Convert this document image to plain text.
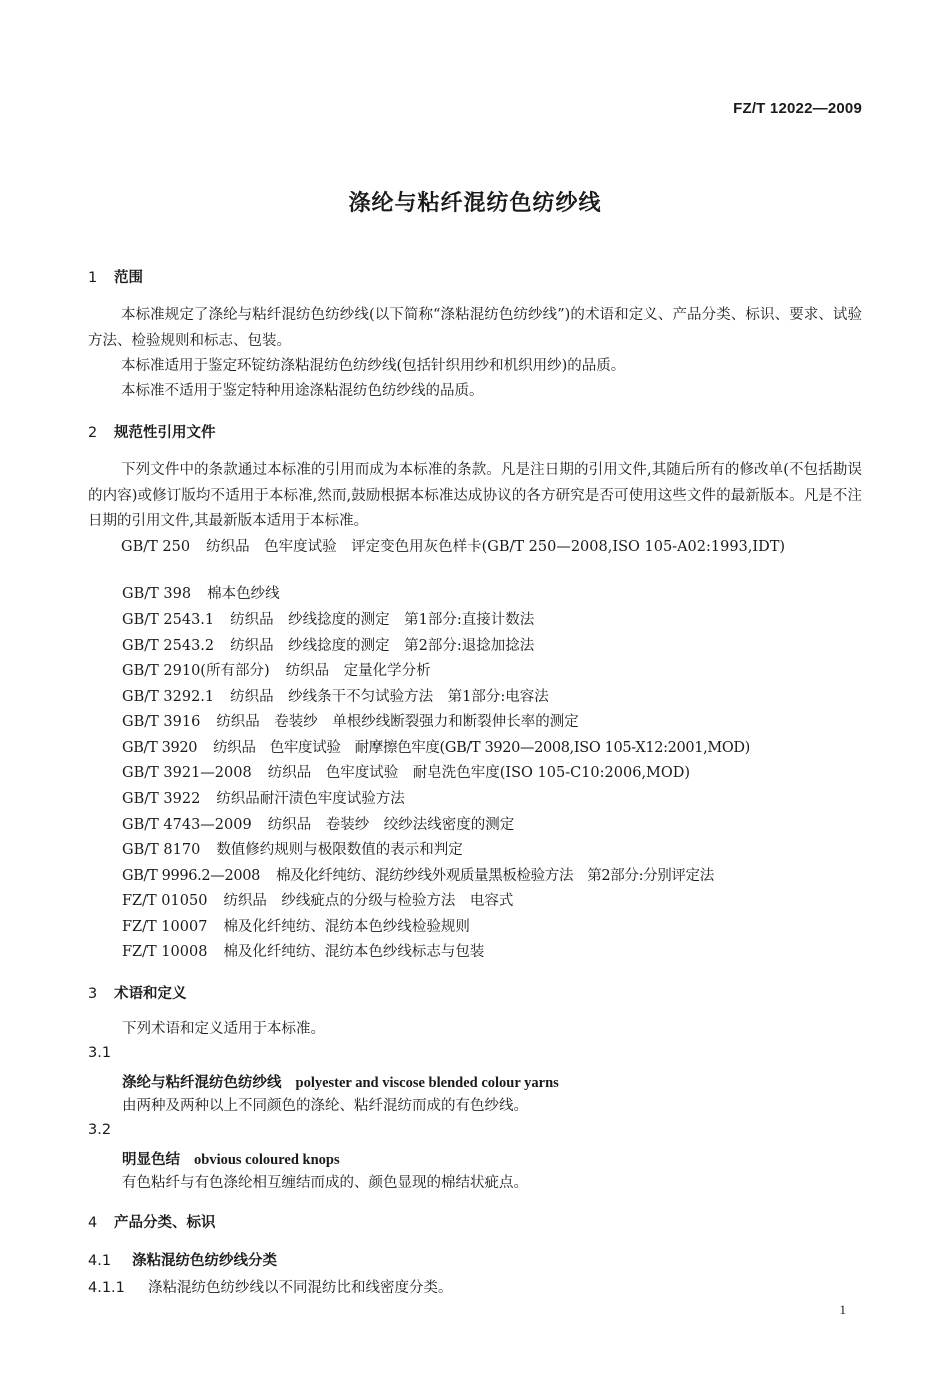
FZ/T 12022—2009
涤纶与粘纤混纺色纺纱线
1 范围

本标准规定了涤纶与粘纤混纺色纺纱线(以下简称“涤粘混纺色纺纱线”)的术语和定义、产品分类、标识、要求、试验方法、检验规则和标志、包装。

本标准适用于鉴定环锭纺涤粘混纺色纺纱线(包括针织用纱和机织用纱)的品质。

本标准不适用于鉴定特种用途涤粘混纺色纺纱线的品质。

2 规范性引用文件

下列文件中的条款通过本标准的引用而成为本标准的条款。凡是注日期的引用文件,其随后所有的修改单(不包括勘误的内容)或修订版均不适用于本标准,然而,鼓励根据本标准达成协议的各方研究是否可使用这些文件的最新版本。凡是不注日期的引用文件,其最新版本适用于本标准。

GB/T 250 纺织品　色牢度试验　评定变色用灰色样卡(GB/T 250—2008,ISO 105-A02:1993,IDT)
GB/T 398 棉本色纱线
GB/T 2543.1 纺织品　纱线捻度的测定　第1部分:直接计数法
GB/T 2543.2 纺织品　纱线捻度的测定　第2部分:退捻加捻法
GB/T 2910(所有部分) 纺织品　定量化学分析
GB/T 3292.1 纺织品　纱线条干不匀试验方法　第1部分:电容法
GB/T 3916 纺织品　卷装纱　单根纱线断裂强力和断裂伸长率的测定
GB/T 3920 纺织品　色牢度试验　耐摩擦色牢度(GB/T 3920—2008,ISO 105-X12:2001,MOD)
GB/T 3921—2008 纺织品　色牢度试验　耐皂洗色牢度(ISO 105-C10:2006,MOD)
GB/T 3922 纺织品耐汗渍色牢度试验方法
GB/T 4743—2009 纺织品　卷装纱　绞纱法线密度的测定
GB/T 8170 数值修约规则与极限数值的表示和判定
GB/T 9996.2—2008 棉及化纤纯纺、混纺纱线外观质量黑板检验方法　第2部分:分别评定法
FZ/T 01050 纺织品　纱线疵点的分级与检验方法　电容式
FZ/T 10007 棉及化纤纯纺、混纺本色纱线检验规则
FZ/T 10008 棉及化纤纯纺、混纺本色纱线标志与包装
3 术语和定义
下列术语和定义适用于本标准。
3.1
涤纶与粘纤混纺色纺纱线 polyester and viscose blended colour yarns
由两种及两种以上不同颜色的涤纶、粘纤混纺而成的有色纱线。
3.2
明显色结 obvious coloured knops
有色粘纤与有色涤纶相互缠结而成的、颜色显现的棉结状疵点。
4 产品分类、标识
4.1 涤粘混纺色纺纱线分类
4.1.1 涤粘混纺色纺纱线以不同混纺比和线密度分类。
1
